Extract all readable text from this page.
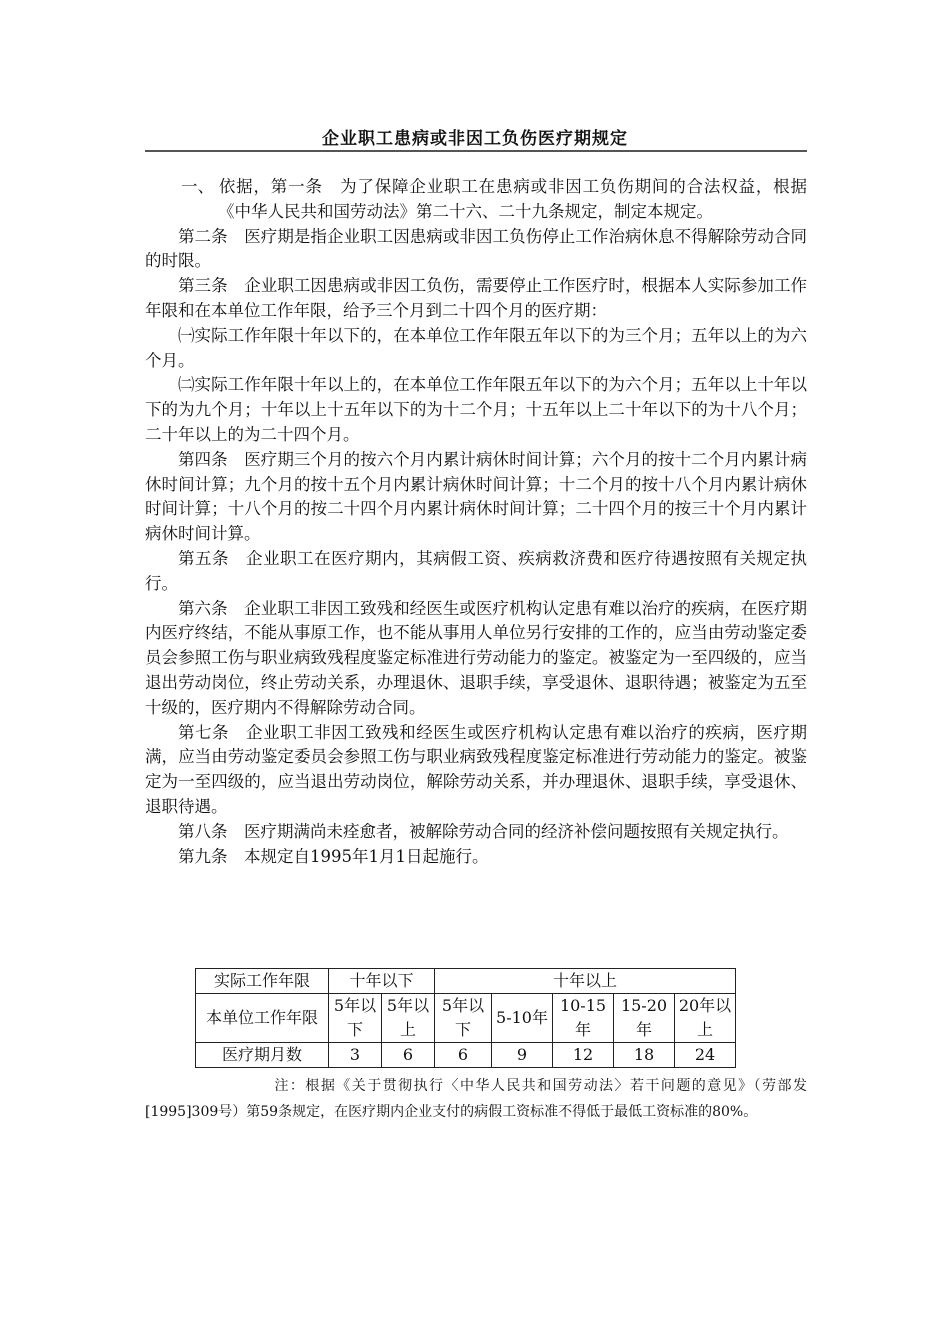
企业职工患病或非因工负伤医疗期规定

一、 依据，第一条　为了保障企业职工在患病或非因工负伤期间的合法权益，根据《中华人民共和国劳动法》第二十六、二十九条规定，制定本规定。

第二条　医疗期是指企业职工因患病或非因工负伤停止工作治病休息不得解除劳动合同的时限。

第三条　企业职工因患病或非因工负伤，需要停止工作医疗时，根据本人实际参加工作年限和在本单位工作年限，给予三个月到二十四个月的医疗期：

㈠实际工作年限十年以下的，在本单位工作年限五年以下的为三个月；五年以上的为六个月。

㈡实际工作年限十年以上的，在本单位工作年限五年以下的为六个月；五年以上十年以下的为九个月；十年以上十五年以下的为十二个月；十五年以上二十年以下的为十八个月；二十年以上的为二十四个月。

第四条　医疗期三个月的按六个月内累计病休时间计算；六个月的按十二个月内累计病休时间计算；九个月的按十五个月内累计病休时间计算；十二个月的按十八个月内累计病休时间计算；十八个月的按二十四个月内累计病休时间计算；二十四个月的按三十个月内累计病休时间计算。

第五条　企业职工在医疗期内，其病假工资、疾病救济费和医疗待遇按照有关规定执行。

第六条　企业职工非因工致残和经医生或医疗机构认定患有难以治疗的疾病，在医疗期内医疗终结，不能从事原工作，也不能从事用人单位另行安排的工作的，应当由劳动鉴定委员会参照工伤与职业病致残程度鉴定标准进行劳动能力的鉴定。被鉴定为一至四级的，应当退出劳动岗位，终止劳动关系，办理退休、退职手续，享受退休、退职待遇；被鉴定为五至十级的，医疗期内不得解除劳动合同。

第七条　企业职工非因工致残和经医生或医疗机构认定患有难以治疗的疾病，医疗期满，应当由劳动鉴定委员会参照工伤与职业病致残程度鉴定标准进行劳动能力的鉴定。被鉴定为一至四级的，应当退出劳动岗位，解除劳动关系，并办理退休、退职手续，享受退休、退职待遇。

第八条　医疗期满尚未痊愈者，被解除劳动合同的经济补偿问题按照有关规定执行。

第九条　本规定自1995年1月1日起施行。

实际工作年限	十年以下		十年以上				
本单位工作年限	5年以下	5年以上	5年以下	5-10年	10-15年	15-20年	20年以上
医疗期月数	3	6	6	9	12	18	24
注：根据《关于贯彻执行〈中华人民共和国劳动法〉若干问题的意见》（劳部发[1995]309号）第59条规定，在医疗期内企业支付的病假工资标准不得低于最低工资标准的80%。
